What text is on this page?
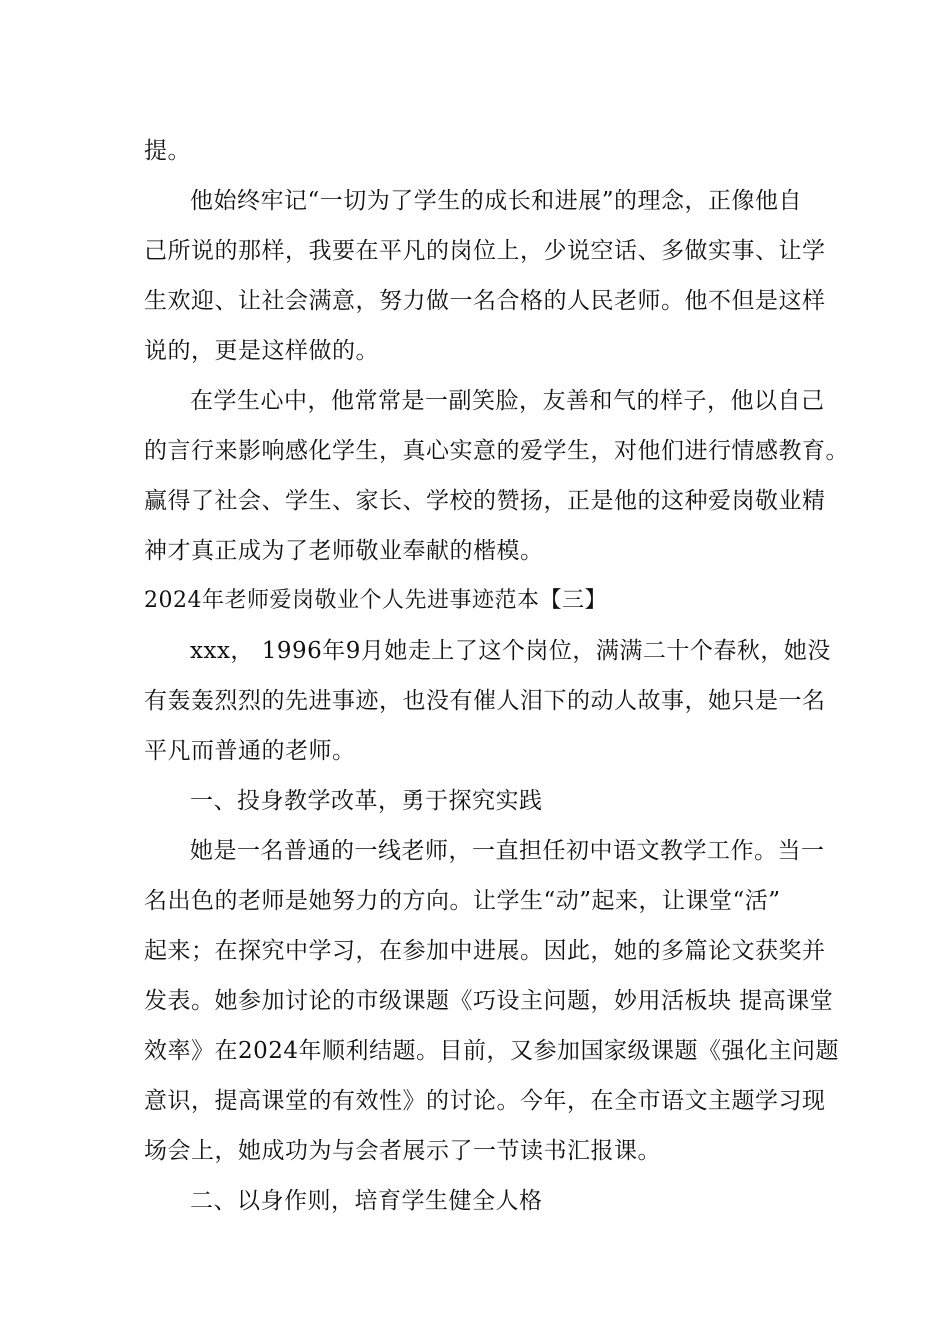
提。
他始终牢记“一切为了学生的成长和进展”的理念，正像他自
己所说的那样，我要在平凡的岗位上，少说空话、多做实事、让学
生欢迎、让社会满意，努力做一名合格的人民老师。他不但是这样
说的，更是这样做的。
在学生心中，他常常是一副笑脸，友善和气的样子，他以自己
的言行来影响感化学生，真心实意的爱学生，对他们进行情感教育。
赢得了社会、学生、家长、学校的赞扬，正是他的这种爱岗敬业精
神才真正成为了老师敬业奉献的楷模。
2024年老师爱岗敬业个人先进事迹范本【三】
xxx， 1996年9月她走上了这个岗位，满满二十个春秋，她没
有轰轰烈烈的先进事迹，也没有催人泪下的动人故事，她只是一名
平凡而普通的老师。
一、投身教学改革，勇于探究实践
她是一名普通的一线老师，一直担任初中语文教学工作。当一
名出色的老师是她努力的方向。让学生“动”起来，让课堂“活”
起来；在探究中学习，在参加中进展。因此，她的多篇论文获奖并
发表。她参加讨论的市级课题《巧设主问题，妙用活板块 提高课堂
效率》在2024年顺利结题。目前，又参加国家级课题《强化主问题
意识，提高课堂的有效性》的讨论。今年，在全市语文主题学习现
场会上，她成功为与会者展示了一节读书汇报课。
二、以身作则，培育学生健全人格
